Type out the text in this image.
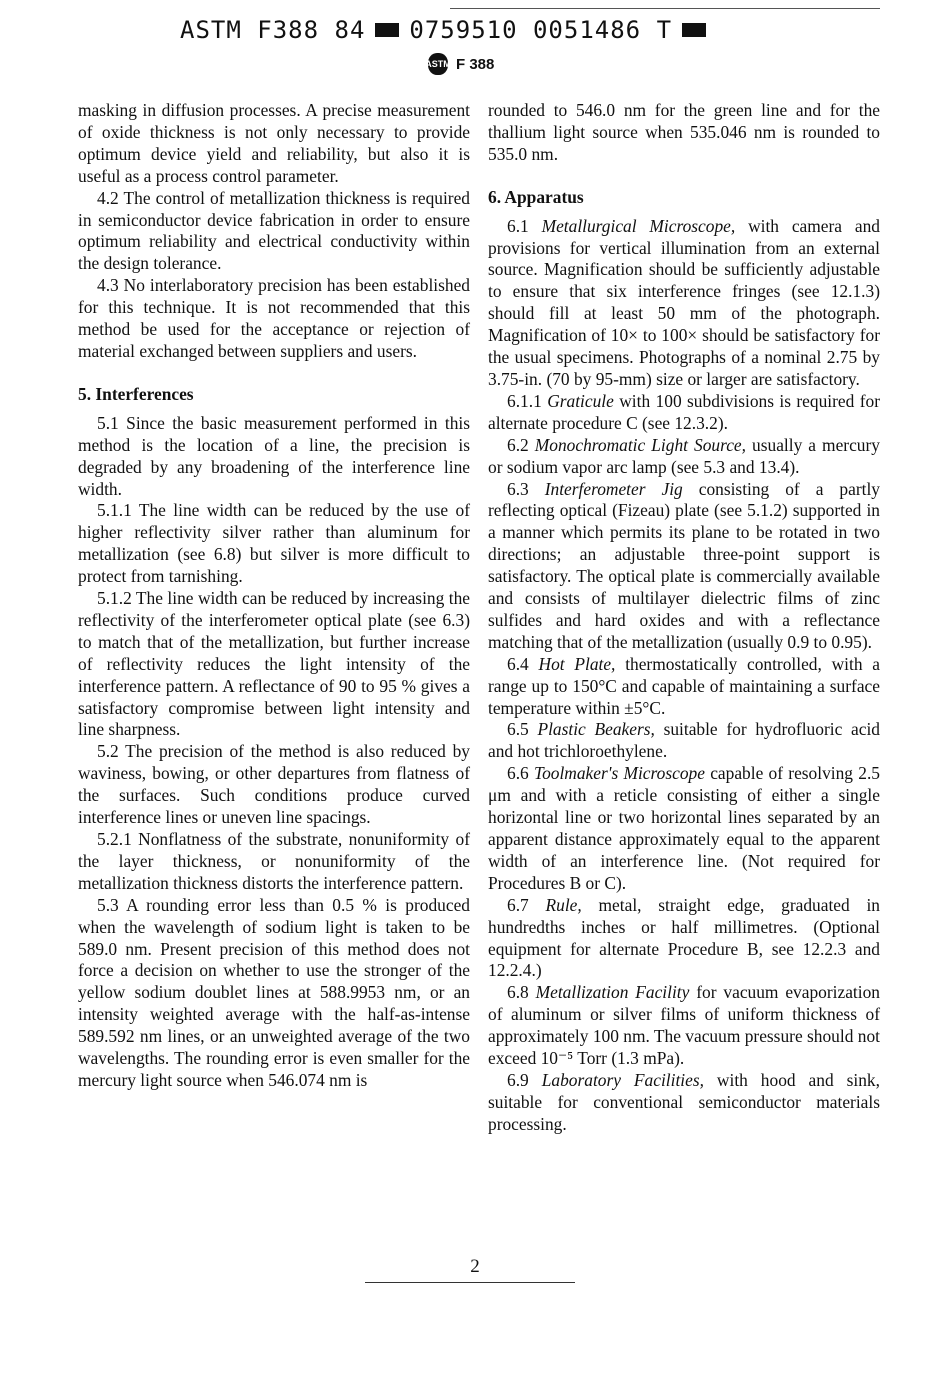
ASTM F388 84 0759510 0051486 T
ASTM F 388

masking in diffusion processes. A precise measurement of oxide thickness is not only necessary to provide optimum device yield and reliability, but also it is useful as a process control parameter.

4.2 The control of metallization thickness is required in semiconductor device fabrication in order to ensure optimum reliability and electrical conductivity within the design tolerance.

4.3 No interlaboratory precision has been established for this technique. It is not recommended that this method be used for the acceptance or rejection of material exchanged between suppliers and users.

5. Interferences

5.1 Since the basic measurement performed in this method is the location of a line, the precision is degraded by any broadening of the interference line width.

5.1.1 The line width can be reduced by the use of higher reflectivity silver rather than aluminum for metallization (see 6.8) but silver is more difficult to protect from tarnishing.

5.1.2 The line width can be reduced by increasing the reflectivity of the interferometer optical plate (see 6.3) to match that of the metallization, but further increase of reflectivity reduces the light intensity of the interference pattern. A reflectance of 90 to 95 % gives a satisfactory compromise between light intensity and line sharpness.

5.2 The precision of the method is also reduced by waviness, bowing, or other departures from flatness of the surfaces. Such conditions produce curved interference lines or uneven line spacings.

5.2.1 Nonflatness of the substrate, nonuniformity of the layer thickness, or nonuniformity of the metallization thickness distorts the interference pattern.

5.3 A rounding error less than 0.5 % is produced when the wavelength of sodium light is taken to be 589.0 nm. Present precision of this method does not force a decision on whether to use the stronger of the yellow sodium doublet lines at 588.9953 nm, or an intensity weighted average with the half-as-intense 589.592 nm lines, or an unweighted average of the two wavelengths. The rounding error is even smaller for the mercury light source when 546.074 nm is

rounded to 546.0 nm for the green line and for the thallium light source when 535.046 nm is rounded to 535.0 nm.

6. Apparatus

6.1 Metallurgical Microscope, with camera and provisions for vertical illumination from an external source. Magnification should be sufficiently adjustable to ensure that six interference fringes (see 12.1.3) should fill at least 50 mm of the photograph. Magnification of 10× to 100× should be satisfactory for the usual specimens. Photographs of a nominal 2.75 by 3.75-in. (70 by 95-mm) size or larger are satisfactory.

6.1.1 Graticule with 100 subdivisions is required for alternate procedure C (see 12.3.2).

6.2 Monochromatic Light Source, usually a mercury or sodium vapor arc lamp (see 5.3 and 13.4).

6.3 Interferometer Jig consisting of a partly reflecting optical (Fizeau) plate (see 5.1.2) supported in a manner which permits its plane to be rotated in two directions; an adjustable three-point support is satisfactory. The optical plate is commercially available and consists of multilayer dielectric films of zinc sulfides and hard oxides and with a reflectance matching that of the metallization (usually 0.9 to 0.95).

6.4 Hot Plate, thermostatically controlled, with a range up to 150°C and capable of maintaining a surface temperature within ±5°C.

6.5 Plastic Beakers, suitable for hydrofluoric acid and hot trichloroethylene.

6.6 Toolmaker's Microscope capable of resolving 2.5 μm and with a reticle consisting of either a single horizontal line or two horizontal lines separated by an apparent distance approximately equal to the apparent width of an interference line. (Not required for Procedures B or C).

6.7 Rule, metal, straight edge, graduated in hundredths inches or half millimetres. (Optional equipment for alternate Procedure B, see 12.2.3 and 12.2.4.)

6.8 Metallization Facility for vacuum evaporization of aluminum or silver films of uniform thickness of approximately 100 nm. The vacuum pressure should not exceed 10⁻⁵ Torr (1.3 mPa).

6.9 Laboratory Facilities, with hood and sink, suitable for conventional semiconductor materials processing.

2
